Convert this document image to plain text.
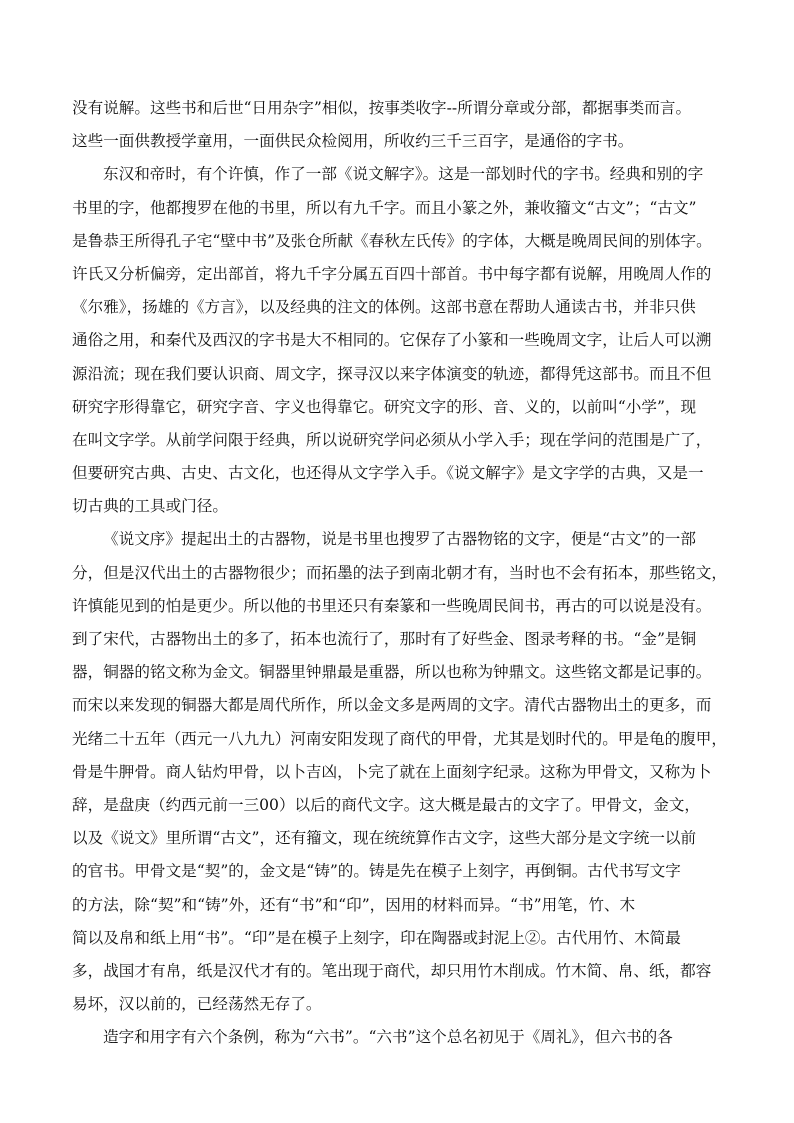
没有说解。这些书和后世“日用杂字”相似，按事类收字--所谓分章或分部，都据事类而言。
这些一面供教授学童用，一面供民众检阅用，所收约三千三百字，是通俗的字书。
东汉和帝时，有个许慎，作了一部《说文解字》。这是一部划时代的字书。经典和别的字
书里的字，他都搜罗在他的书里，所以有九千字。而且小篆之外，兼收籀文“古文”；“古文”
是鲁恭王所得孔子宅“壁中书”及张仓所献《春秋左氏传》的字体，大概是晚周民间的别体字。
许氏又分析偏旁，定出部首，将九千字分属五百四十部首。书中每字都有说解，用晚周人作的
《尔雅》，扬雄的《方言》，以及经典的注文的体例。这部书意在帮助人通读古书，并非只供
通俗之用，和秦代及西汉的字书是大不相同的。它保存了小篆和一些晚周文字，让后人可以溯
源沿流；现在我们要认识商、周文字，探寻汉以来字体演变的轨迹，都得凭这部书。而且不但
研究字形得靠它，研究字音、字义也得靠它。研究文字的形、音、义的，以前叫“小学”，现
在叫文字学。从前学问限于经典，所以说研究学问必须从小学入手；现在学问的范围是广了，
但要研究古典、古史、古文化，也还得从文字学入手。《说文解字》是文字学的古典，又是一
切古典的工具或门径。
《说文序》提起出土的古器物，说是书里也搜罗了古器物铭的文字，便是“古文”的一部
分，但是汉代出土的古器物很少；而拓墨的法子到南北朝才有，当时也不会有拓本，那些铭文，
许慎能见到的怕是更少。所以他的书里还只有秦篆和一些晚周民间书，再古的可以说是没有。
到了宋代，古器物出土的多了，拓本也流行了，那时有了好些金、图录考释的书。“金”是铜
器，铜器的铭文称为金文。铜器里钟鼎最是重器，所以也称为钟鼎文。这些铭文都是记事的。
而宋以来发现的铜器大都是周代所作，所以金文多是两周的文字。清代古器物出土的更多，而
光绪二十五年（西元一八九九）河南安阳发现了商代的甲骨，尤其是划时代的。甲是龟的腹甲，
骨是牛胛骨。商人钻灼甲骨，以卜吉凶，卜完了就在上面刻字纪录。这称为甲骨文，又称为卜
辞，是盘庚（约西元前一三00）以后的商代文字。这大概是最古的文字了。甲骨文，金文，
以及《说文》里所谓“古文”，还有籀文，现在统统算作古文字，这些大部分是文字统一以前
的官书。甲骨文是“契”的，金文是“铸”的。铸是先在模子上刻字，再倒铜。古代书写文字
的方法，除“契”和“铸”外，还有“书”和“印”，因用的材料而异。“书”用笔，竹、木
简以及帛和纸上用“书”。“印”是在模子上刻字，印在陶器或封泥上②。古代用竹、木简最
多，战国才有帛，纸是汉代才有的。笔出现于商代，却只用竹木削成。竹木简、帛、纸，都容
易坏，汉以前的，已经荡然无存了。
造字和用字有六个条例，称为“六书”。“六书”这个总名初见于《周礼》，但六书的各
